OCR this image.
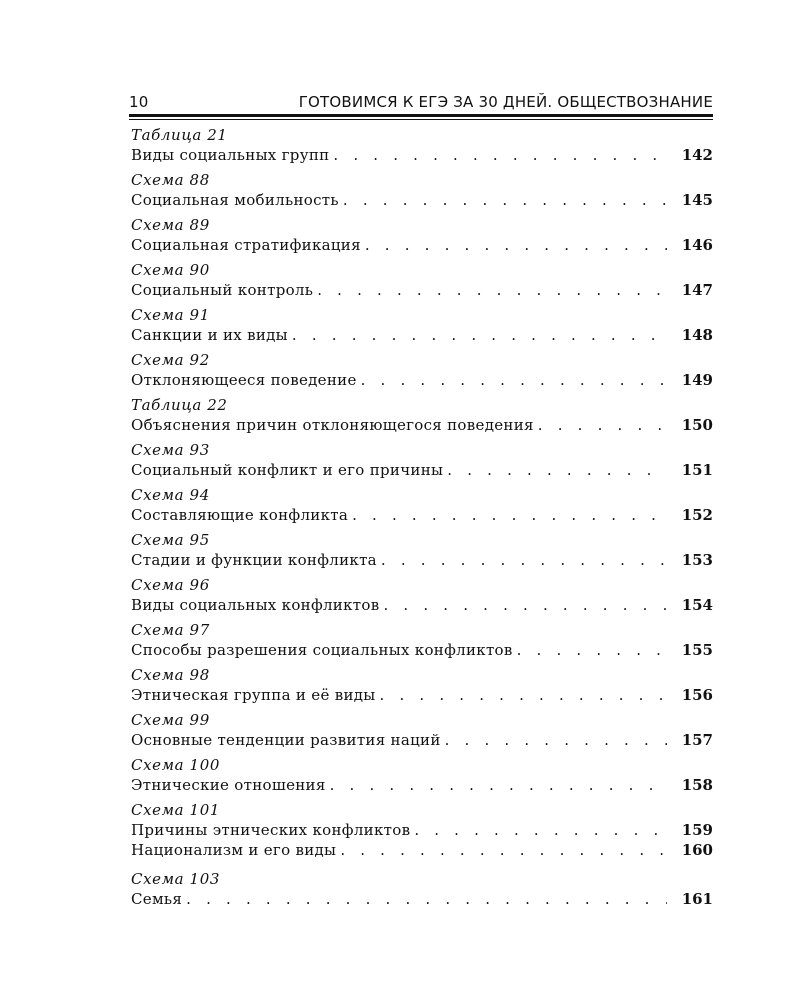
10	ГОТОВИМСЯ К ЕГЭ ЗА 30 ДНЕЙ. ОБЩЕСТВОЗНАНИЕ
Таблица 21
Виды социальных групп . . .	142
Схема 88
Социальная мобильность . . .	145
Схема 89
Социальная стратификация . . .	146
Схема 90
Социальный контроль . . .	147
Схема 91
Санкции и их виды . . .	148
Схема 92
Отклоняющееся поведение . . .	149
Таблица 22
Объяснения причин отклоняющегося поведения . . .	150
Схема 93
Социальный конфликт и его причины . . .	151
Схема 94
Составляющие конфликта . . .	152
Схема 95
Стадии и функции конфликта . . .	153
Схема 96
Виды социальных конфликтов . . .	154
Схема 97
Способы разрешения социальных конфликтов . . .	155
Схема 98
Этническая группа и её виды . . .	156
Схема 99
Основные тенденции развития наций . . .	157
Схема 100
Этнические отношения . . .	158
Схема 101
Причины этнических конфликтов . . .	159
Национализм и его виды . . .	160
Схема 103
Семья . . .	161
